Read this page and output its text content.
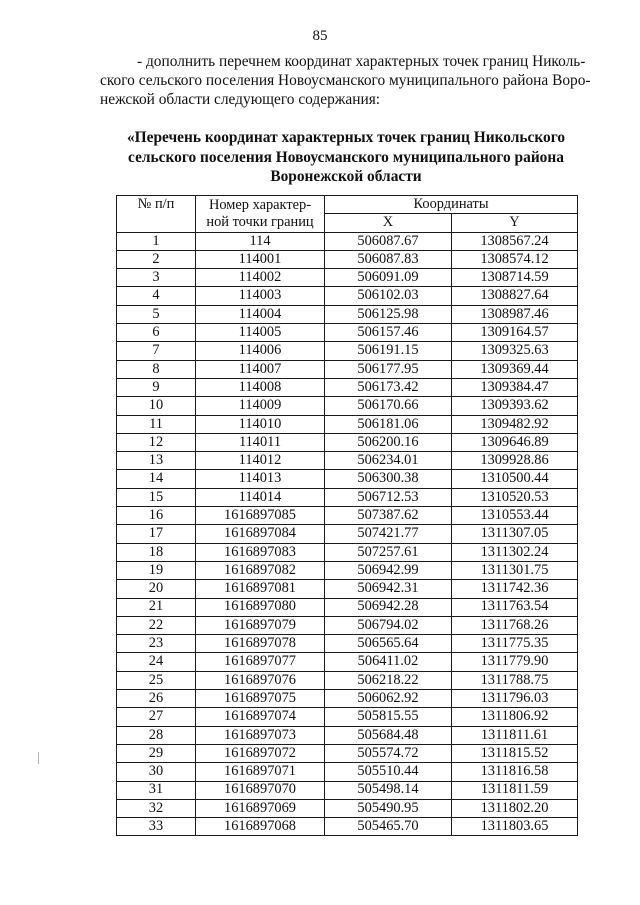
85
- дополнить перечнем координат характерных точек границ Николь-
ского сельского поселения Новоусманского муниципального района Воро-
нежской области следующего содержания:
«Перечень координат характерных точек границ Никольского
сельского поселения Новоусманского муниципального района
Воронежской области
№ п/п	Номер характер-
ной точки границ	Координаты	
		X	Y
1	114	506087.67	1308567.24
2	114001	506087.83	1308574.12
3	114002	506091.09	1308714.59
4	114003	506102.03	1308827.64
5	114004	506125.98	1308987.46
6	114005	506157.46	1309164.57
7	114006	506191.15	1309325.63
8	114007	506177.95	1309369.44
9	114008	506173.42	1309384.47
10	114009	506170.66	1309393.62
11	114010	506181.06	1309482.92
12	114011	506200.16	1309646.89
13	114012	506234.01	1309928.86
14	114013	506300.38	1310500.44
15	114014	506712.53	1310520.53
16	1616897085	507387.62	1310553.44
17	1616897084	507421.77	1311307.05
18	1616897083	507257.61	1311302.24
19	1616897082	506942.99	1311301.75
20	1616897081	506942.31	1311742.36
21	1616897080	506942.28	1311763.54
22	1616897079	506794.02	1311768.26
23	1616897078	506565.64	1311775.35
24	1616897077	506411.02	1311779.90
25	1616897076	506218.22	1311788.75
26	1616897075	506062.92	1311796.03
27	1616897074	505815.55	1311806.92
28	1616897073	505684.48	1311811.61
29	1616897072	505574.72	1311815.52
30	1616897071	505510.44	1311816.58
31	1616897070	505498.14	1311811.59
32	1616897069	505490.95	1311802.20
33	1616897068	505465.70	1311803.65
